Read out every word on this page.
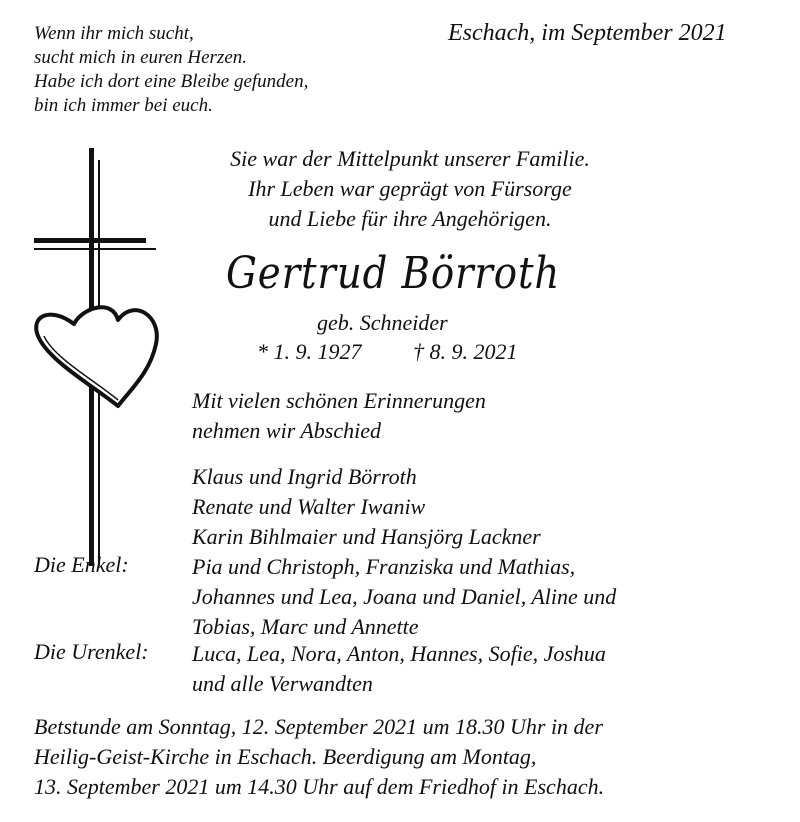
Wenn ihr mich sucht,
sucht mich in euren Herzen.
Habe ich dort eine Bleibe gefunden,
bin ich immer bei euch.
Eschach, im September 2021
Sie war der Mittelpunkt unserer Familie.
Ihr Leben war geprägt von Fürsorge
und Liebe für ihre Angehörigen.
Gertrud Börroth
geb. Schneider
* 1. 9. 1927 † 8. 9. 2021
Mit vielen schönen Erinnerungen
nehmen wir Abschied
Klaus und Ingrid Börroth
Renate und Walter Iwaniw
Karin Bihlmaier und Hansjörg Lackner
Die Enkel:	Pia und Christoph, Franziska und Mathias,
Johannes und Lea, Joana und Daniel, Aline und
Tobias, Marc und Annette
Die Urenkel: Luca, Lea, Nora, Anton, Hannes, Sofie, Joshua
und alle Verwandten
Betstunde am Sonntag, 12. September 2021 um 18.30 Uhr in der
Heilig-Geist-Kirche in Eschach. Beerdigung am Montag,
13. September 2021 um 14.30 Uhr auf dem Friedhof in Eschach.
